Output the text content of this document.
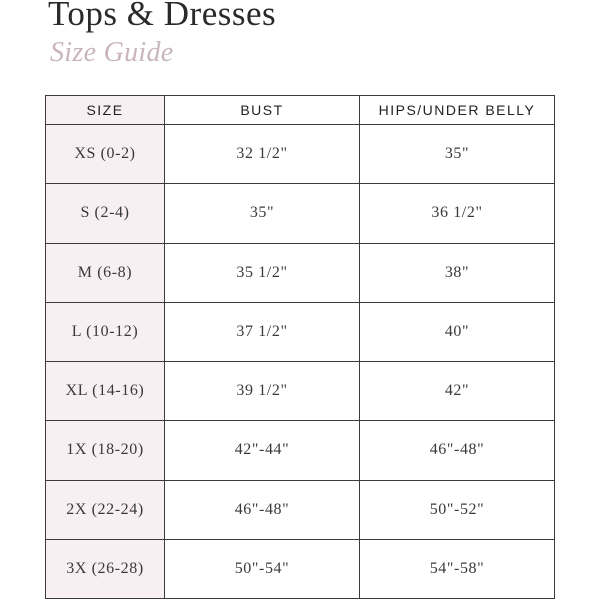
Tops & Dresses
Size Guide
SIZE	BUST	HIPS/UNDER BELLY
XS (0-2)	32 1/2"	35"
S (2-4)	35"	36 1/2"
M (6-8)	35 1/2"	38"
L (10-12)	37 1/2"	40"
XL (14-16)	39 1/2"	42"
1X (18-20)	42"-44"	46"-48"
2X (22-24)	46"-48"	50"-52"
3X (26-28)	50"-54"	54"-58"
